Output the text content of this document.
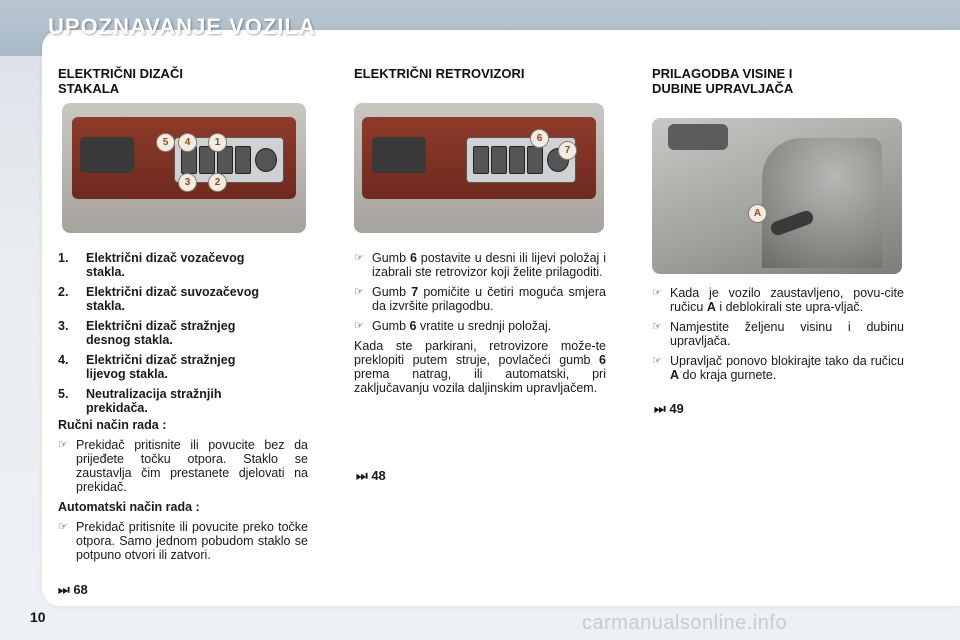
UPOZNAVANJE VOZILA
ELEKTRIČNI DIZAČI
STAKALA
5	4	1
3	2
1. Električni dizač vozačevog
stakla.
2. Električni dizač suvozačevog
stakla.
3. Električni dizač stražnjeg
desnog stakla.
4. Električni dizač stražnjeg
lijevog stakla.
5. Neutralizacija stražnjih
prekidača.
Ručni način rada :
☞ Prekidač pritisnite ili povucite bez da prijeđete točku otpora. Staklo se zaustavlja čim prestanete djelovati na prekidač.
Automatski način rada :
☞ Prekidač pritisnite ili povucite preko točke otpora. Samo jednom pobudom staklo se potpuno otvori ili zatvori.
⏭ 68
ELEKTRIČNI RETROVIZORI
6
7
☞ Gumb 6 postavite u desni ili lijevi položaj i izabrali ste retrovizor koji želite prilagoditi.
☞ Gumb 7 pomičite u četiri moguća smjera da izvršite prilagodbu.
☞ Gumb 6 vratite u srednji položaj.
Kada ste parkirani, retrovizore može-te preklopiti putem struje, povlačeći gumb 6 prema natrag, ili automatski, pri zaključavanju vozila daljinskim upravljačem.
⏭ 48
PRILAGODBA VISINE I
DUBINE UPRAVLJAČA
A
☞ Kada je vozilo zaustavljeno, povu-cite ručicu A i deblokirali ste upra-vljač.
☞ Namjestite željenu visinu i dubinu upravljača.
☞ Upravljač ponovo blokirajte tako da ručicu A do kraja gurnete.
⏭ 49
10	carmanualsonline.info
